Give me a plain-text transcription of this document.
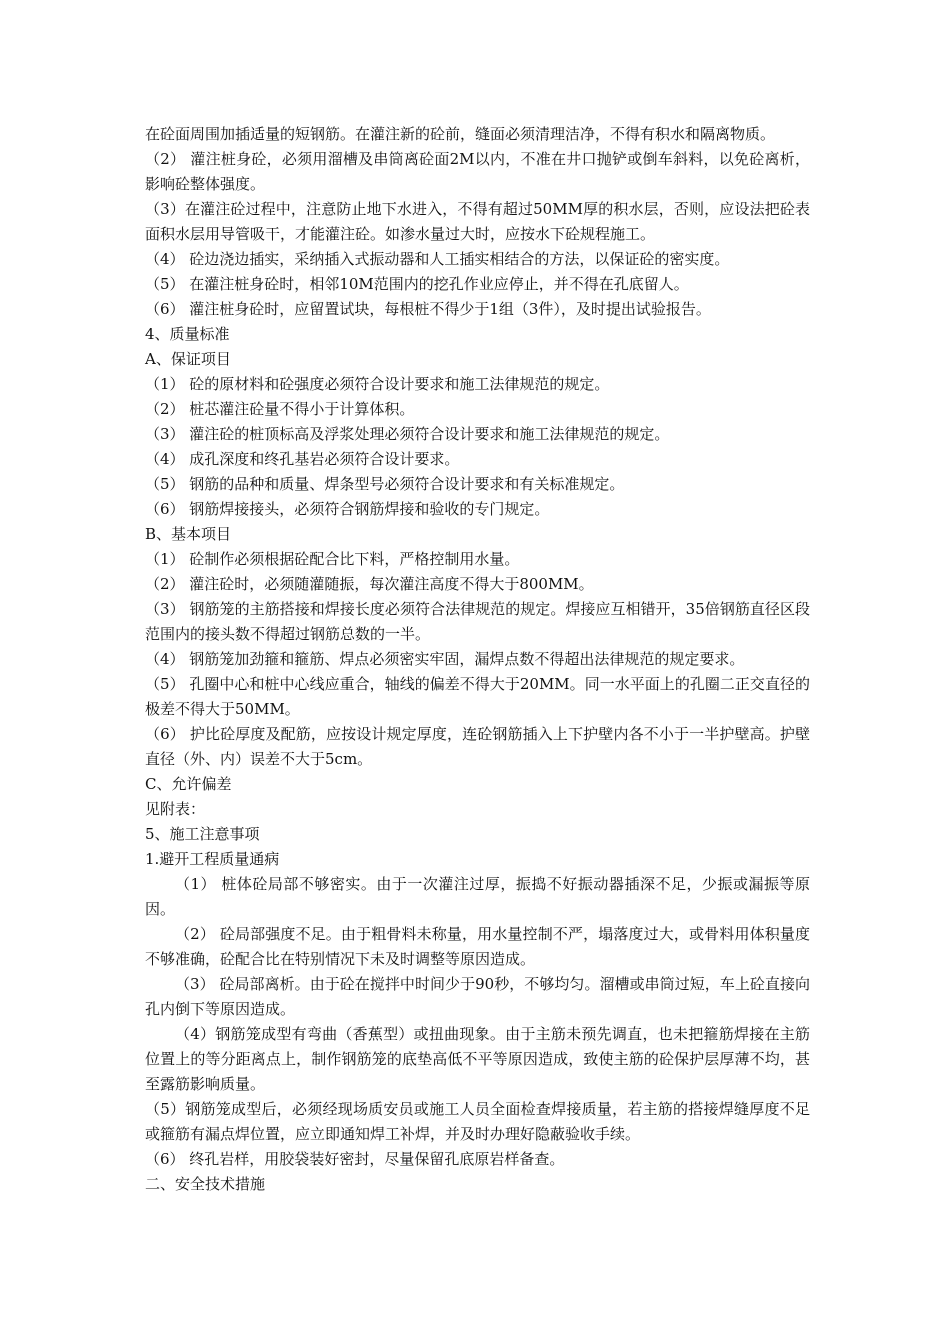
在砼面周围加插适量的短钢筋。在灌注新的砼前，缝面必须清理洁净，不得有积水和隔离物质。

（2） 灌注桩身砼，必须用溜槽及串筒离砼面2M以内，不准在井口抛铲或倒车斜料，以免砼离析，影响砼整体强度。

（3）在灌注砼过程中，注意防止地下水进入，不得有超过50MM厚的积水层，否则，应设法把砼表面积水层用导管吸干，才能灌注砼。如渗水量过大时，应按水下砼规程施工。

（4） 砼边浇边插实，采纳插入式振动器和人工插实相结合的方法，以保证砼的密实度。

（5） 在灌注桩身砼时，相邻10M范围内的挖孔作业应停止，并不得在孔底留人。

（6） 灌注桩身砼时，应留置试块，每根桩不得少于1组（3件），及时提出试验报告。

4、质量标准

A、保证项目

（1） 砼的原材料和砼强度必须符合设计要求和施工法律规范的规定。

（2） 桩芯灌注砼量不得小于计算体积。

（3） 灌注砼的桩顶标高及浮浆处理必须符合设计要求和施工法律规范的规定。

（4） 成孔深度和终孔基岩必须符合设计要求。

（5） 钢筋的品种和质量、焊条型号必须符合设计要求和有关标准规定。

（6） 钢筋焊接接头，必须符合钢筋焊接和验收的专门规定。

B、基本项目

（1） 砼制作必须根据砼配合比下料，严格控制用水量。

（2） 灌注砼时，必须随灌随振，每次灌注高度不得大于800MM。

（3） 钢筋笼的主筋搭接和焊接长度必须符合法律规范的规定。焊接应互相错开，35倍钢筋直径区段范围内的接头数不得超过钢筋总数的一半。

（4） 钢筋笼加劲箍和箍筋、焊点必须密实牢固，漏焊点数不得超出法律规范的规定要求。

（5） 孔圈中心和桩中心线应重合，轴线的偏差不得大于20MM。同一水平面上的孔圈二正交直径的极差不得大于50MM。

（6） 护比砼厚度及配筋，应按设计规定厚度，连砼钢筋插入上下护壁内各不小于一半护壁高。护壁直径（外、内）误差不大于5cm。

C、允许偏差

见附表：

5、施工注意事项

1.避开工程质量通病

（1） 桩体砼局部不够密实。由于一次灌注过厚，振捣不好振动器插深不足，少振或漏振等原因。

（2） 砼局部强度不足。由于粗骨料未称量，用水量控制不严，塌落度过大，或骨料用体积量度不够准确，砼配合比在特别情况下未及时调整等原因造成。

（3） 砼局部离析。由于砼在搅拌中时间少于90秒，不够均匀。溜槽或串筒过短，车上砼直接向孔内倒下等原因造成。

（4）钢筋笼成型有弯曲（香蕉型）或扭曲现象。由于主筋未预先调直，也未把箍筋焊接在主筋位置上的等分距离点上，制作钢筋笼的底垫高低不平等原因造成，致使主筋的砼保护层厚薄不均，甚至露筋影响质量。

（5）钢筋笼成型后，必须经现场质安员或施工人员全面检查焊接质量，若主筋的搭接焊缝厚度不足或箍筋有漏点焊位置，应立即通知焊工补焊，并及时办理好隐蔽验收手续。

（6） 终孔岩样，用胶袋装好密封，尽量保留孔底原岩样备查。

二、安全技术措施
